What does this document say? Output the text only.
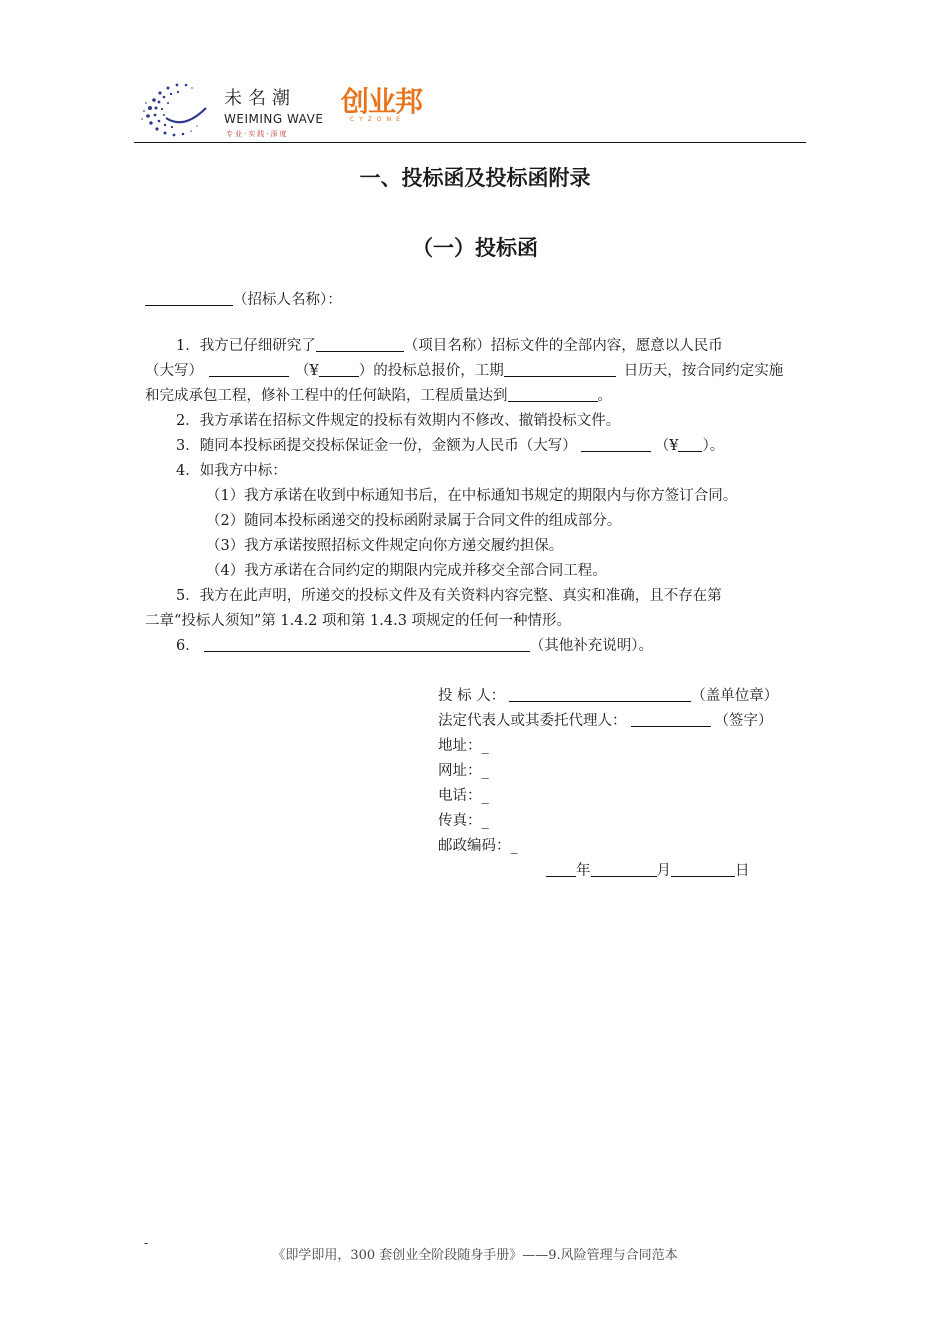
未名潮
WEIMING WAVE
专业·实践·深度
创业邦
CYZONE
一、投标函及投标函附录
（一）投标函
（招标人名称）：
1．我方已仔细研究了	（项目名称）招标文件的全部内容，愿意以人民币
（大写）	（¥	）的投标总报价，工期	日历天，按合同约定实施
和完成承包工程，修补工程中的任何缺陷，工程质量达到	。
2．我方承诺在招标文件规定的投标有效期内不修改、撤销投标文件。
3．随同本投标函提交投标保证金一份，金额为人民币（大写）	（¥ ）。
4．如我方中标：
（1）我方承诺在收到中标通知书后，在中标通知书规定的期限内与你方签订合同。
（2）随同本投标函递交的投标函附录属于合同文件的组成部分。
（3）我方承诺按照招标文件规定向你方递交履约担保。
（4）我方承诺在合同约定的期限内完成并移交全部合同工程。
5．我方在此声明，所递交的投标文件及有关资料内容完整、真实和准确，且不存在第
二章“投标人须知”第 1.4.2 项和第 1.4.3 项规定的任何一种情形。
6．	（其他补充说明）。
投 标 人：	（盖单位章）
法定代表人或其委托代理人：	（签字）
地址：_
网址：_
电话：_
传真：_
邮政编码：_
年	月	日
-
《即学即用，300 套创业全阶段随身手册》——9.风险管理与合同范本
